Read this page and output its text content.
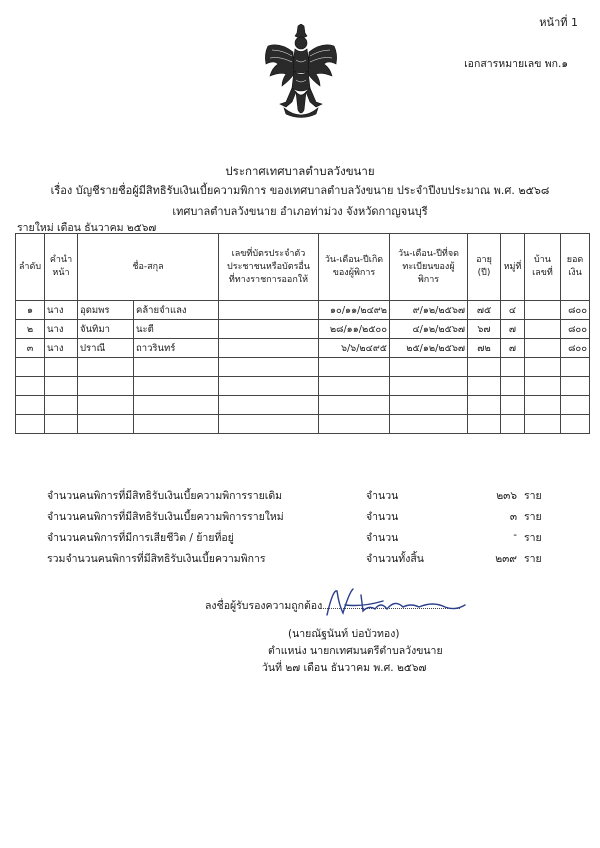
หน้าที่ 1
เอกสารหมายเลข พก.๑
ประกาศเทศบาลตำบลวังขนาย
เรื่อง บัญชีรายชื่อผู้มีสิทธิรับเงินเบี้ยความพิการ ของเทศบาลตำบลวังขนาย ประจำปีงบประมาณ พ.ศ. ๒๕๖๘
เทศบาลตำบลวังขนาย อำเภอท่าม่วง จังหวัดกาญจนบุรี
รายใหม่ เดือน ธันวาคม ๒๕๖๗
ลำดับ	คำนำหน้า	ชื่อ-สกุล		เลขที่บัตรประจำตัวประชาชนหรือบัตรอื่นที่ทางราชการออกให้	วัน-เดือน-ปีเกิดของผู้พิการ	วัน-เดือน-ปีที่จดทะเบียนของผู้พิการ	อายุ (ปี)	หมู่ที่	บ้านเลขที่	ยอดเงิน
๑	นาง	อุดมพร	คล้ายจำแลง		๑๐/๑๑/๒๔๙๒	๙/๑๒/๒๕๖๗	๗๕	๔		๘๐๐
๒	นาง	จันทิมา	นะตี		๒๘/๑๑/๒๕๐๐	๔/๑๒/๒๕๖๗	๖๗	๗		๘๐๐
๓	นาง	ปราณี	ถาวรินทร์		๖/๖/๒๔๙๕	๒๕/๑๒/๒๕๖๗	๗๒	๗		๘๐๐

จำนวนคนพิการที่มีสิทธิรับเงินเบี้ยความพิการรายเดิม	จำนวน	๒๓๖ ราย
จำนวนคนพิการที่มีสิทธิรับเงินเบี้ยความพิการรายใหม่	จำนวน	๓ ราย
จำนวนคนพิการที่มีการเสียชีวิต / ย้ายที่อยู่	จำนวน	- ราย
รวมจำนวนคนพิการที่มีสิทธิรับเงินเบี้ยความพิการ	จำนวนทั้งสิ้น	๒๓๙ ราย
ลงชื่อผู้รับรองความถูกต้อง
(นายณัฐนันท์ บ่อบัวทอง)
ตำแหน่ง นายกเทศมนตรีตำบลวังขนาย
วันที่ ๒๗ เดือน ธันวาคม พ.ศ. ๒๕๖๗
